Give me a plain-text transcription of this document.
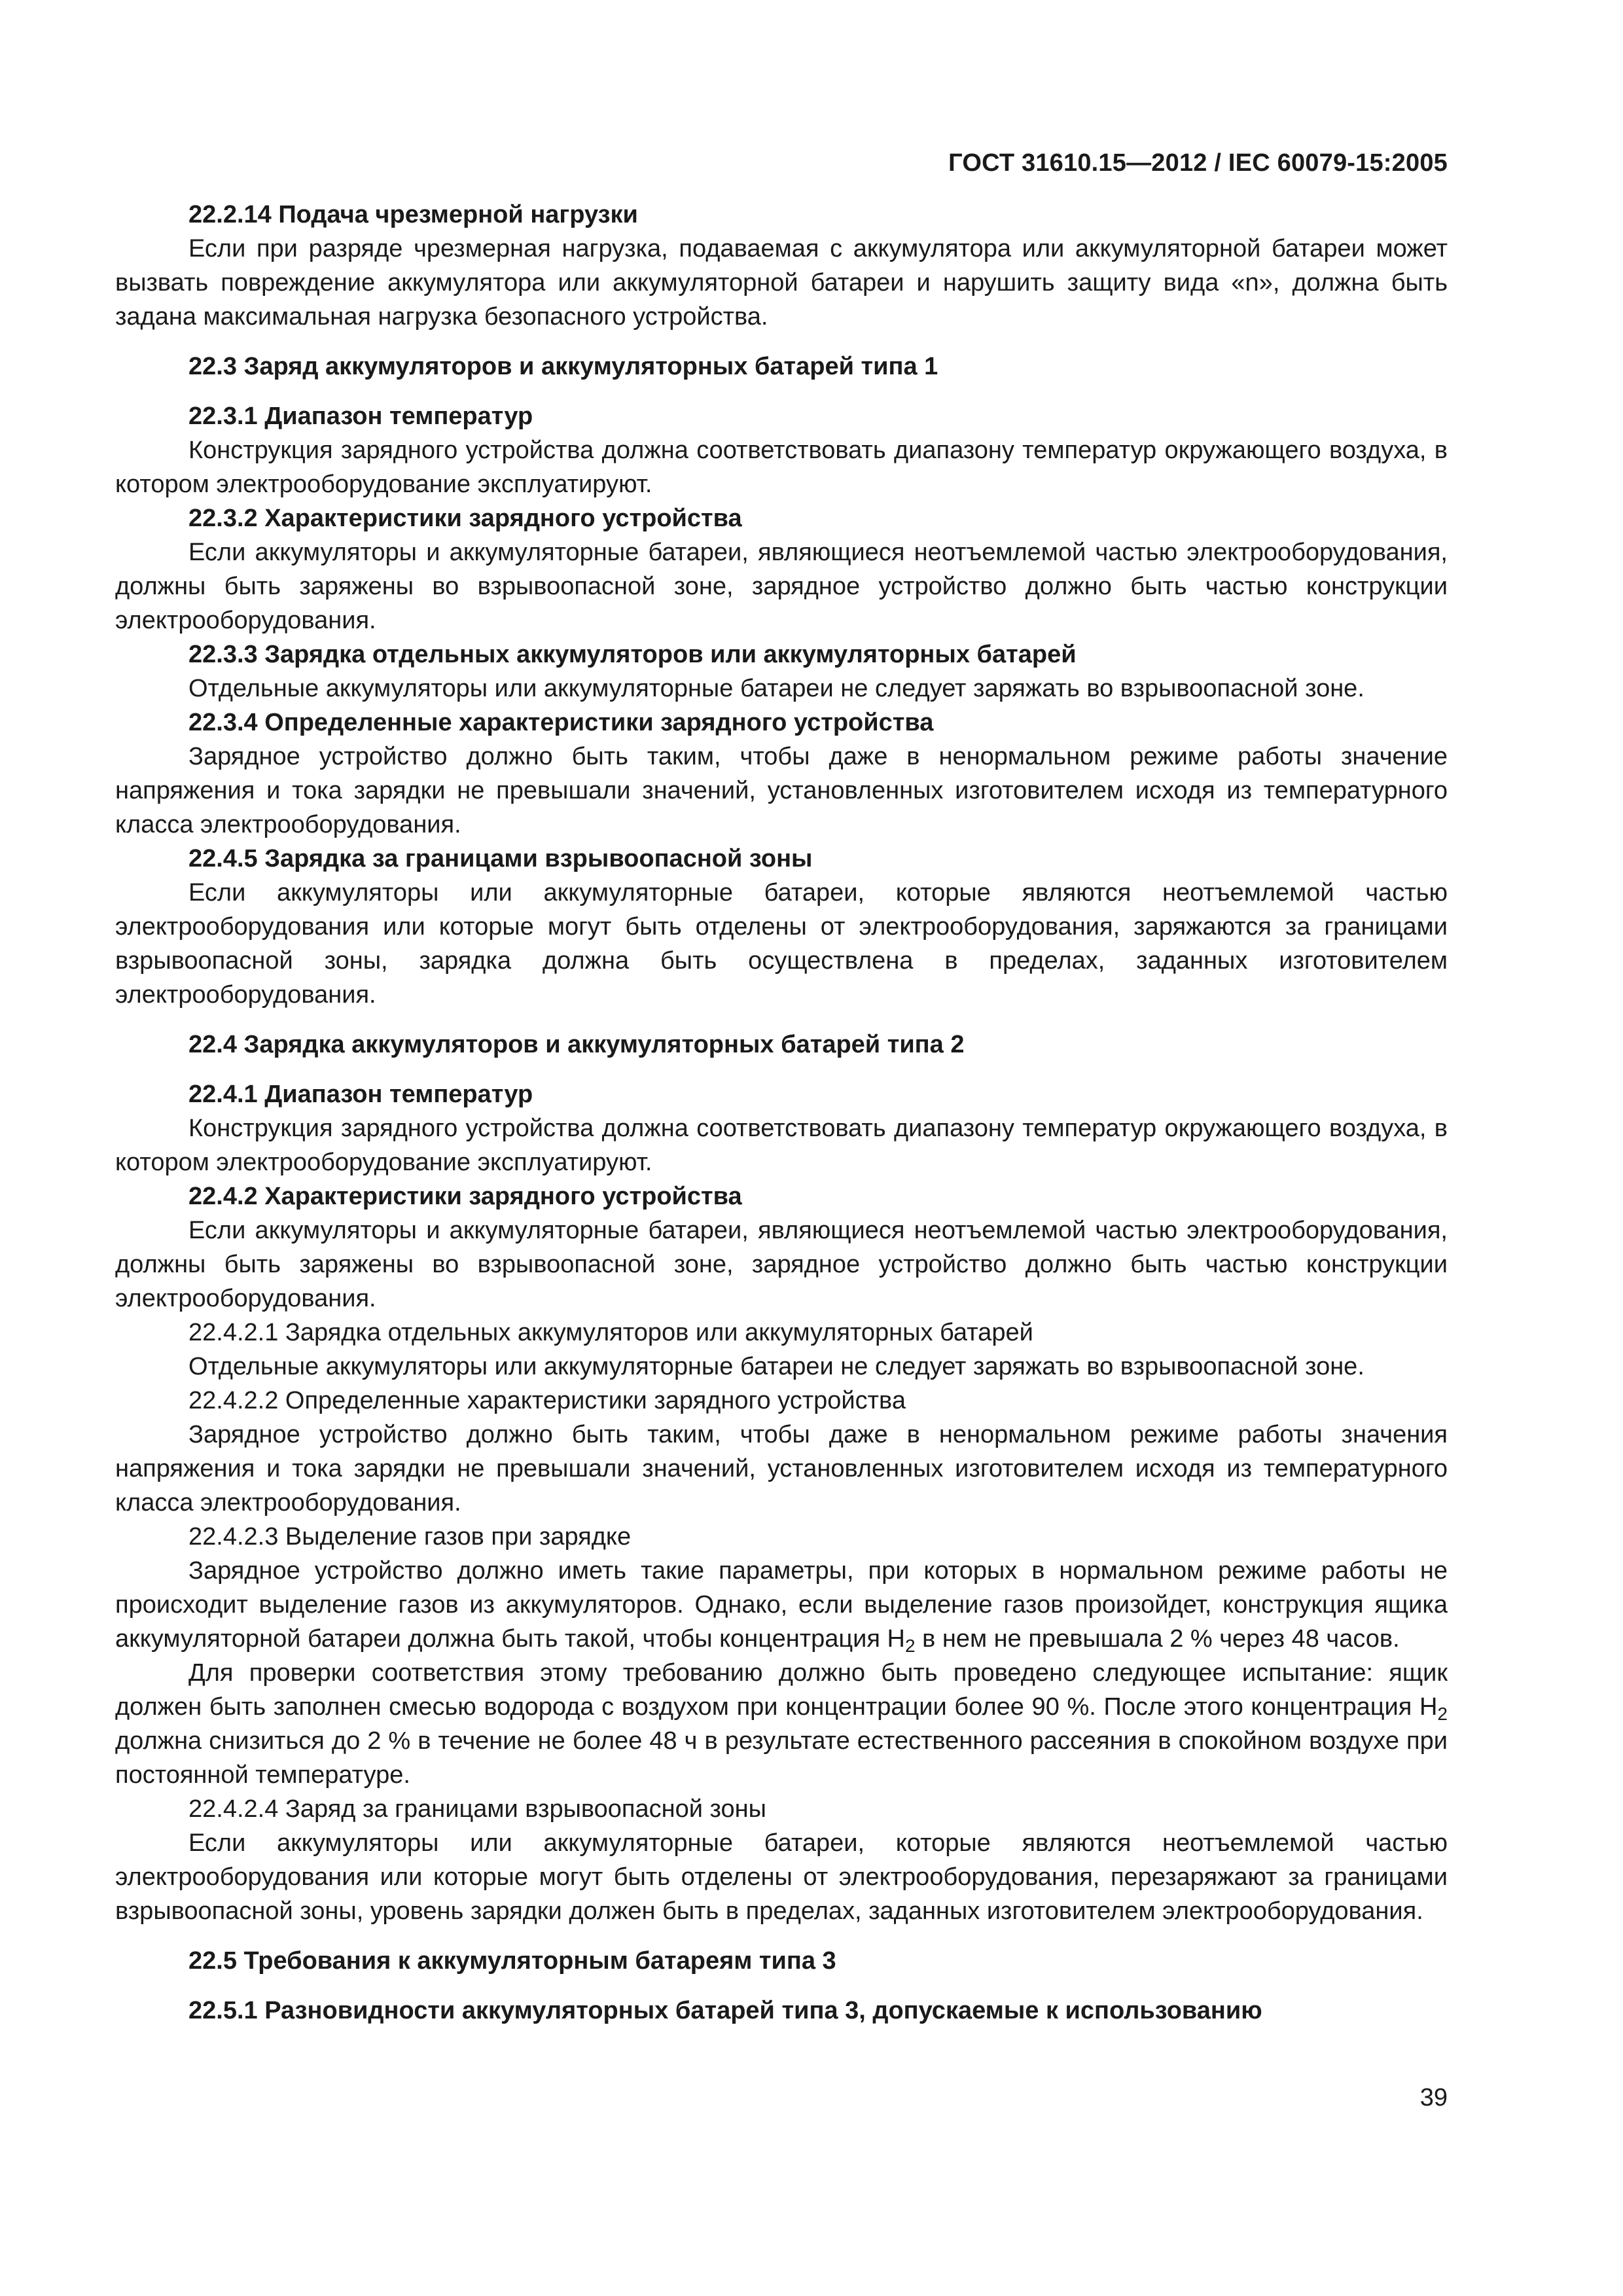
ГОСТ 31610.15—2012 / IEC 60079-15:2005
22.2.14 Подача чрезмерной нагрузки
Если при разряде чрезмерная нагрузка, подаваемая с аккумулятора или аккумуляторной батареи может вызвать повреждение аккумулятора или аккумуляторной батареи и нарушить защиту вида «n», должна быть задана максимальная нагрузка безопасного устройства.
22.3 Заряд аккумуляторов и аккумуляторных батарей типа 1
22.3.1 Диапазон температур
Конструкция зарядного устройства должна соответствовать диапазону температур окружающего воздуха, в котором электрооборудование эксплуатируют.
22.3.2 Характеристики зарядного устройства
Если аккумуляторы и аккумуляторные батареи, являющиеся неотъемлемой частью электрооборудования, должны быть заряжены во взрывоопасной зоне, зарядное устройство должно быть частью конструкции электрооборудования.
22.3.3 Зарядка отдельных аккумуляторов или аккумуляторных батарей
Отдельные аккумуляторы или аккумуляторные батареи не следует заряжать во взрывоопасной зоне.
22.3.4 Определенные характеристики зарядного устройства
Зарядное устройство должно быть таким, чтобы даже в ненормальном режиме работы значение напряжения и тока зарядки не превышали значений, установленных изготовителем исходя из температурного класса электрооборудования.
22.4.5 Зарядка за границами взрывоопасной зоны
Если аккумуляторы или аккумуляторные батареи, которые являются неотъемлемой частью электрооборудования или которые могут быть отделены от электрооборудования, заряжаются за границами взрывоопасной зоны, зарядка должна быть осуществлена в пределах, заданных изготовителем электрооборудования.
22.4 Зарядка аккумуляторов и аккумуляторных батарей типа 2
22.4.1 Диапазон температур
Конструкция зарядного устройства должна соответствовать диапазону температур окружающего воздуха, в котором электрооборудование эксплуатируют.
22.4.2 Характеристики зарядного устройства
Если аккумуляторы и аккумуляторные батареи, являющиеся неотъемлемой частью электрооборудования, должны быть заряжены во взрывоопасной зоне, зарядное устройство должно быть частью конструкции электрооборудования.
22.4.2.1 Зарядка отдельных аккумуляторов или аккумуляторных батарей
Отдельные аккумуляторы или аккумуляторные батареи не следует заряжать во взрывоопасной зоне.
22.4.2.2 Определенные характеристики зарядного устройства
Зарядное устройство должно быть таким, чтобы даже в ненормальном режиме работы значения напряжения и тока зарядки не превышали значений, установленных изготовителем исходя из температурного класса электрооборудования.
22.4.2.3 Выделение газов при зарядке
Зарядное устройство должно иметь такие параметры, при которых в нормальном режиме работы не происходит выделение газов из аккумуляторов. Однако, если выделение газов произойдет, конструкция ящика аккумуляторной батареи должна быть такой, чтобы концентрация $H_2$ в нем не превышала 2 % через 48 часов.
Для проверки соответствия этому требованию должно быть проведено следующее испытание: ящик должен быть заполнен смесью водорода с воздухом при концентрации более 90 %. После этого концентрация $H_2$ должна снизиться до 2 % в течение не более 48 ч в результате естественного рассеяния в спокойном воздухе при постоянной температуре.
22.4.2.4 Заряд за границами взрывоопасной зоны
Если аккумуляторы или аккумуляторные батареи, которые являются неотъемлемой частью электрооборудования или которые могут быть отделены от электрооборудования, перезаряжают за границами взрывоопасной зоны, уровень зарядки должен быть в пределах, заданных изготовителем электрооборудования.
22.5 Требования к аккумуляторным батареям типа 3
22.5.1 Разновидности аккумуляторных батарей типа 3, допускаемые к использованию
39
